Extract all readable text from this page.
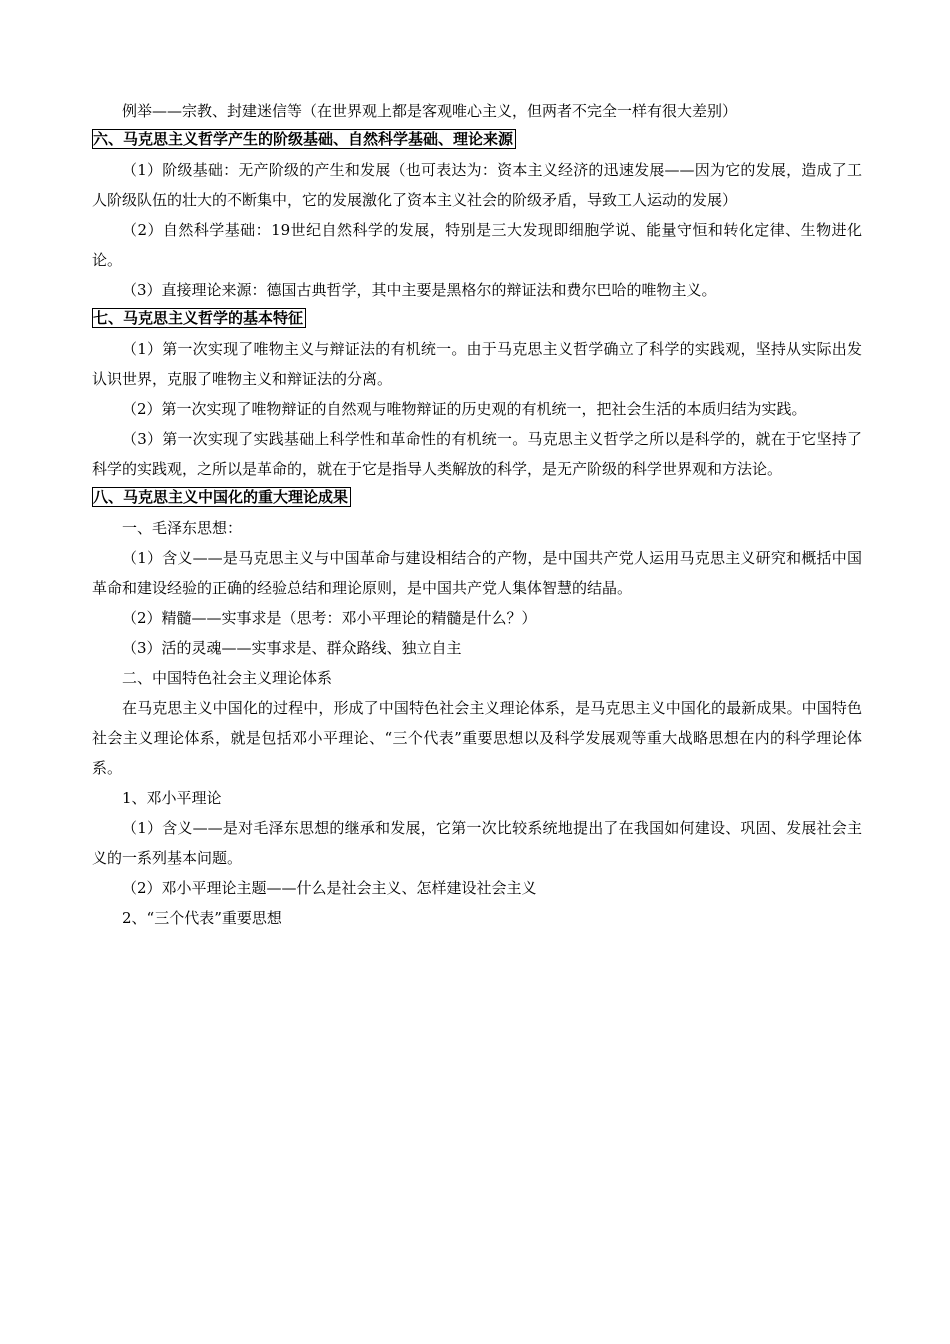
例举——宗教、封建迷信等（在世界观上都是客观唯心主义，但两者不完全一样有很大差别）

六、马克思主义哲学产生的阶级基础、自然科学基础、理论来源

（1）阶级基础：无产阶级的产生和发展（也可表达为：资本主义经济的迅速发展——因为它的发展，造成了工人阶级队伍的壮大的不断集中，它的发展激化了资本主义社会的阶级矛盾，导致工人运动的发展）

（2）自然科学基础：19世纪自然科学的发展，特别是三大发现即细胞学说、能量守恒和转化定律、生物进化论。

（3）直接理论来源：德国古典哲学，其中主要是黑格尔的辩证法和费尔巴哈的唯物主义。

七、马克思主义哲学的基本特征

（1）第一次实现了唯物主义与辩证法的有机统一。由于马克思主义哲学确立了科学的实践观，坚持从实际出发认识世界，克服了唯物主义和辩证法的分离。

（2）第一次实现了唯物辩证的自然观与唯物辩证的历史观的有机统一，把社会生活的本质归结为实践。

（3）第一次实现了实践基础上科学性和革命性的有机统一。马克思主义哲学之所以是科学的，就在于它坚持了科学的实践观，之所以是革命的，就在于它是指导人类解放的科学，是无产阶级的科学世界观和方法论。

八、马克思主义中国化的重大理论成果

一、毛泽东思想：

（1）含义——是马克思主义与中国革命与建设相结合的产物，是中国共产党人运用马克思主义研究和概括中国革命和建设经验的正确的经验总结和理论原则，是中国共产党人集体智慧的结晶。

（2）精髓——实事求是（思考：邓小平理论的精髓是什么？）

（3）活的灵魂——实事求是、群众路线、独立自主

二、中国特色社会主义理论体系

在马克思主义中国化的过程中，形成了中国特色社会主义理论体系，是马克思主义中国化的最新成果。中国特色社会主义理论体系，就是包括邓小平理论、“三个代表”重要思想以及科学发展观等重大战略思想在内的科学理论体系。

1、邓小平理论

（1）含义——是对毛泽东思想的继承和发展，它第一次比较系统地提出了在我国如何建设、巩固、发展社会主义的一系列基本问题。

（2）邓小平理论主题——什么是社会主义、怎样建设社会主义

2、“三个代表”重要思想
